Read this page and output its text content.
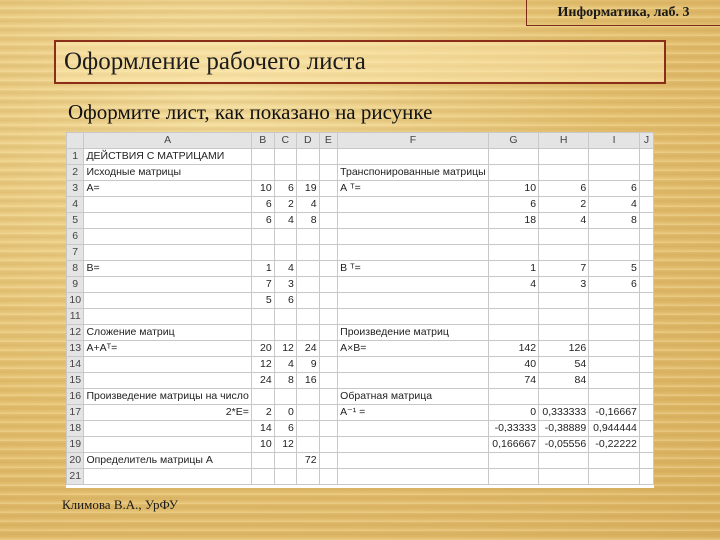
Информатика, лаб. 3
Оформление рабочего листа
Оформите лист, как показано на рисунке
	A	B	C	D	E	F	G	H	I	J
1	ДЕЙСТВИЯ С МАТРИЦАМИ									
2	Исходные матрицы					Транспонированные матрицы				
3	А=	10	6	19		А ᵀ=	10	6	6	
4		6	2	4			6	2	4	
5		6	4	8			18	4	8	
6										
7										
8	B=	1	4			B ᵀ=	1	7	5	
9		7	3				4	3	6	
10		5	6							
11										
12	Сложение матриц					Произведение матриц				
13	А+Аᵀ=	20	12	24		А×B=	142	126		
14		12	4	9			40	54		
15		24	8	16			74	84		
16	Произведение матрицы на число					Обратная матрица				
17	2*E=	2	0			А⁻¹ =	0	0,333333	-0,16667	
18		14	6				-0,33333	-0,38889	0,944444	
19		10	12				0,166667	-0,05556	-0,22222	
20	Определитель матрицы А			72						
21										
Климова В.А., УрФУ
